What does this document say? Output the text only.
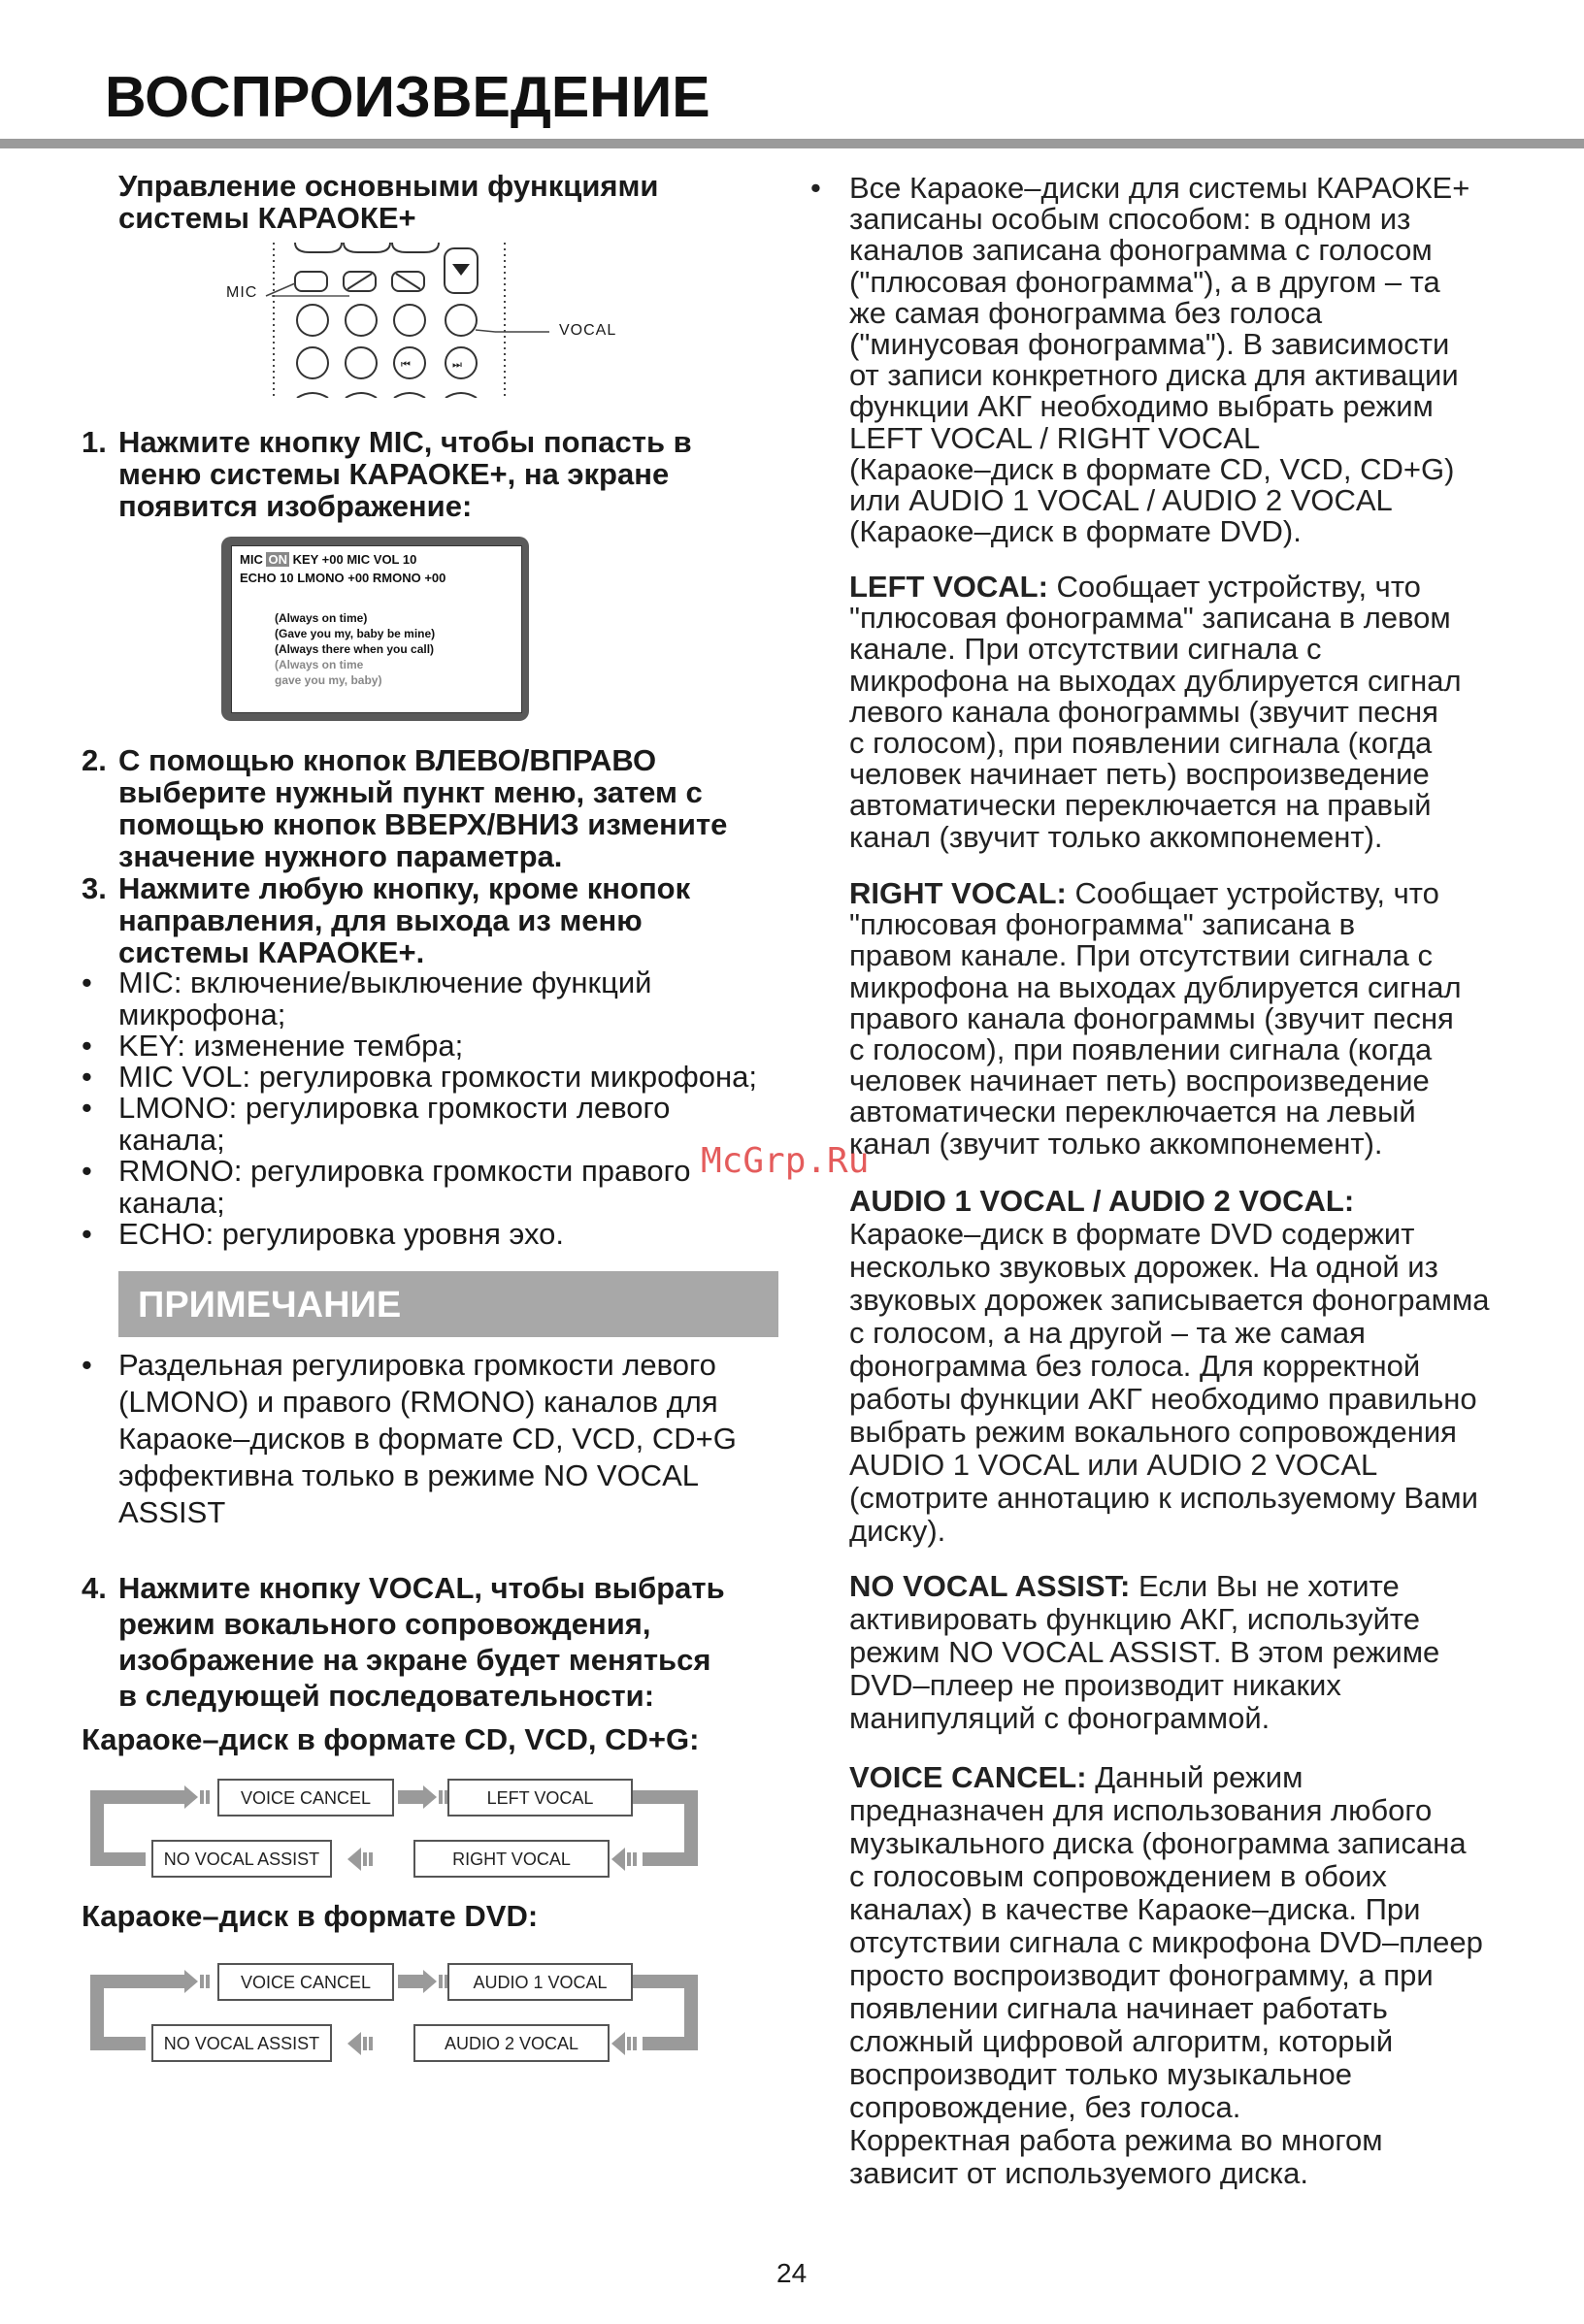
ВОСПРОИЗВЕДЕНИЕ
Управление основными функциями
системы КАРАОКЕ+
⏮	⏭
MIC
VOCAL
1. Нажмите кнопку MIC, чтобы попасть в
меню системы КАРАОКЕ+, на экране
появится изображение:
MIC ON KEY +00 MIC VOL 10
ECHO 10 LMONO +00 RMONO +00
(Always on time)
(Gave you my, baby be mine)
(Always there when you call)
(Always on time
gave you my, baby)
2. С помощью кнопок ВЛЕВО/ВПРАВО
выберите нужный пункт меню, затем с
помощью кнопок ВВЕРХ/ВНИЗ измените
значение нужного параметра.
3. Нажмите любую кнопку, кроме кнопок
направления, для выхода из меню
системы КАРАОКЕ+.
• MIC: включение/выключение функций
микрофона;
• KEY: изменение тембра;
• MIC VOL: регулировка громкости микрофона;
• LMONO: регулировка громкости левого
канала;
• RMONO: регулировка громкости правого
канала;
• ECHO: регулировка уровня эхо.
ПРИМЕЧАНИЕ
• Раздельная регулировка громкости левого
(LMONO) и правого (RMONO) каналов для
Караоке–дисков в формате CD, VCD, CD+G
эффективна только в режиме NO VOCAL
ASSIST
4. Нажмите кнопку VOCAL, чтобы выбрать
режим вокального сопровождения,
изображение на экране будет меняться
в следующей последовательности:
Караоке–диск в формате CD, VCD, CD+G:
VOICE CANCEL	LEFT VOCAL
NO VOCAL ASSIST	RIGHT VOCAL
Караоке–диск в формате DVD:
VOICE CANCEL	AUDIO 1 VOCAL
NO VOCAL ASSIST	AUDIO 2 VOCAL
• Все Караоке–диски для системы КАРАОКЕ+
записаны особым способом: в одном из
каналов записана фонограмма с голосом
("плюсовая фонограмма"), а в другом – та
же самая фонограмма без голоса
("минусовая фонограмма"). В зависимости
от записи конкретного диска для активации
функции АКГ необходимо выбрать режим
LEFT VOCAL / RIGHT VOCAL
(Караоке–диск в формате CD, VCD, CD+G)
или AUDIO 1 VOCAL / AUDIO 2 VOCAL
(Караоке–диск в формате DVD).
LEFT VOCAL: Сообщает устройству, что
"плюсовая фонограмма" записана в левом
канале. При отсутствии сигнала с
микрофона на выходах дублируется сигнал
левого канала фонограммы (звучит песня
с голосом), при появлении сигнала (когда
человек начинает петь) воспроизведение
автоматически переключается на правый
канал (звучит только аккомпонемент).
RIGHT VOCAL: Сообщает устройству, что
"плюсовая фонограмма" записана в
правом канале. При отсутствии сигнала с
микрофона на выходах дублируется сигнал
правого канала фонограммы (звучит песня
с голосом), при появлении сигнала (когда
человек начинает петь) воспроизведение
автоматически переключается на левый
канал (звучит только аккомпонемент).
AUDIO 1 VOCAL / AUDIO 2 VOCAL:
Караоке–диск в формате DVD содержит
несколько звуковых дорожек. На одной из
звуковых дорожек записывается фонограмма
с голосом, а на другой – та же самая
фонограмма без голоса. Для корректной
работы функции АКГ необходимо правильно
выбрать режим вокального сопровождения
AUDIO 1 VOCAL или AUDIO 2 VOCAL
(смотрите аннотацию к используемому Вами
диску).
NO VOCAL ASSIST: Если Вы не хотите
активировать функцию АКГ, используйте
режим NO VOCAL ASSIST. В этом режиме
DVD–плеер не производит никаких
манипуляций с фонограммой.
VOICE CANCEL: Данный режим
предназначен для использования любого
музыкального диска (фонограмма записана
с голосовым сопровождением в обоих
каналах) в качестве Караоке–диска. При
отсутствии сигнала с микрофона DVD–плеер
просто воспроизводит фонограмму, а при
появлении сигнала начинает работать
сложный цифровой алгоритм, который
воспроизводит только музыкальное
сопровождение, без голоса.
Корректная работа режима во многом
зависит от используемого диска.
McGrp.Ru
24
